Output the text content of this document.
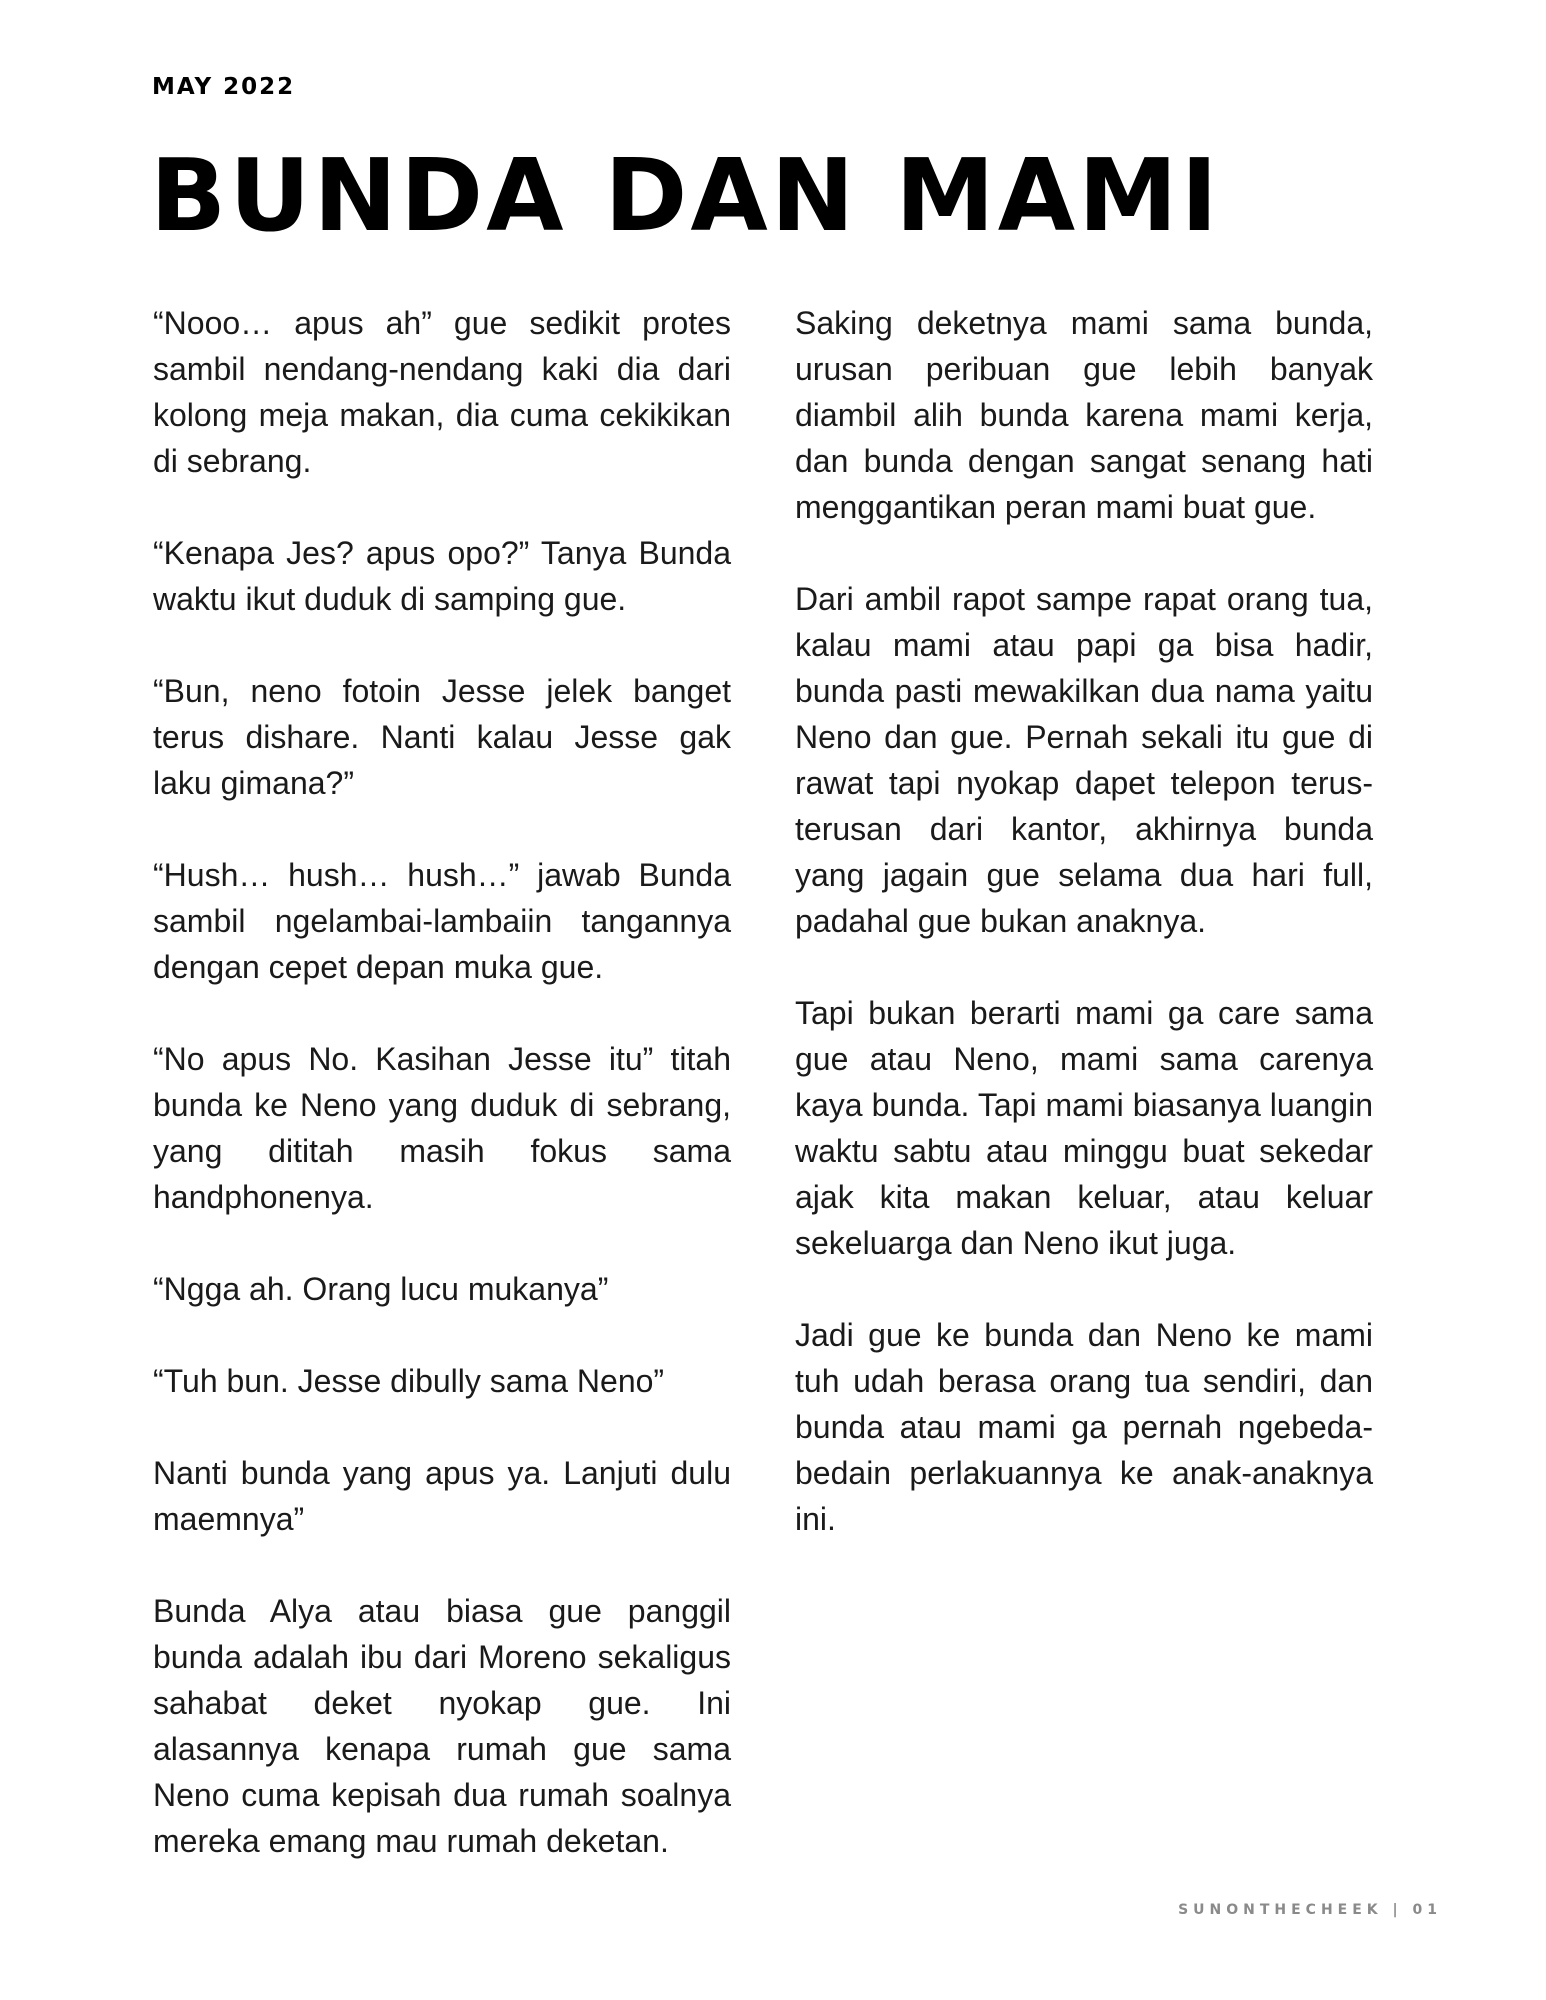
MAY 2022
BUNDA DAN MAMI

“Nooo… apus ah” gue sedikit protes sambil nendang-nendang kaki dia dari kolong meja makan, dia cuma cekikikan di sebrang.

“Kenapa Jes? apus opo?” Tanya Bunda waktu ikut duduk di samping gue.

“Bun, neno fotoin Jesse jelek banget terus dishare. Nanti kalau Jesse gak laku gimana?”

“Hush… hush… hush…” jawab Bunda sambil ngelambai-lambaiin tangannya dengan cepet depan muka gue.

“No apus No. Kasihan Jesse itu” titah bunda ke Neno yang duduk di sebrang, yang dititah masih fokus sama handphonenya.

“Ngga ah. Orang lucu mukanya”

“Tuh bun. Jesse dibully sama Neno”

Nanti bunda yang apus ya. Lanjuti dulu maemnya”

Bunda Alya atau biasa gue panggil bunda adalah ibu dari Moreno sekaligus sahabat deket nyokap gue. Ini alasannya kenapa rumah gue sama Neno cuma kepisah dua rumah soalnya mereka emang mau rumah deketan.

Saking deketnya mami sama bunda, urusan peribuan gue lebih banyak diambil alih bunda karena mami kerja, dan bunda dengan sangat senang hati menggantikan peran mami buat gue.

Dari ambil rapot sampe rapat orang tua, kalau mami atau papi ga bisa hadir, bunda pasti mewakilkan dua nama yaitu Neno dan gue. Pernah sekali itu gue di rawat tapi nyokap dapet telepon terus-terusan dari kantor, akhirnya bunda yang jagain gue selama dua hari full, padahal gue bukan anaknya.

Tapi bukan berarti mami ga care sama gue atau Neno, mami sama carenya kaya bunda. Tapi mami biasanya luangin waktu sabtu atau minggu buat sekedar ajak kita makan keluar, atau keluar sekeluarga dan Neno ikut juga.

Jadi gue ke bunda dan Neno ke mami tuh udah berasa orang tua sendiri, dan bunda atau mami ga pernah ngebeda-bedain perlakuannya ke anak-anaknya ini.

SUNONTHECHEEK | 01
